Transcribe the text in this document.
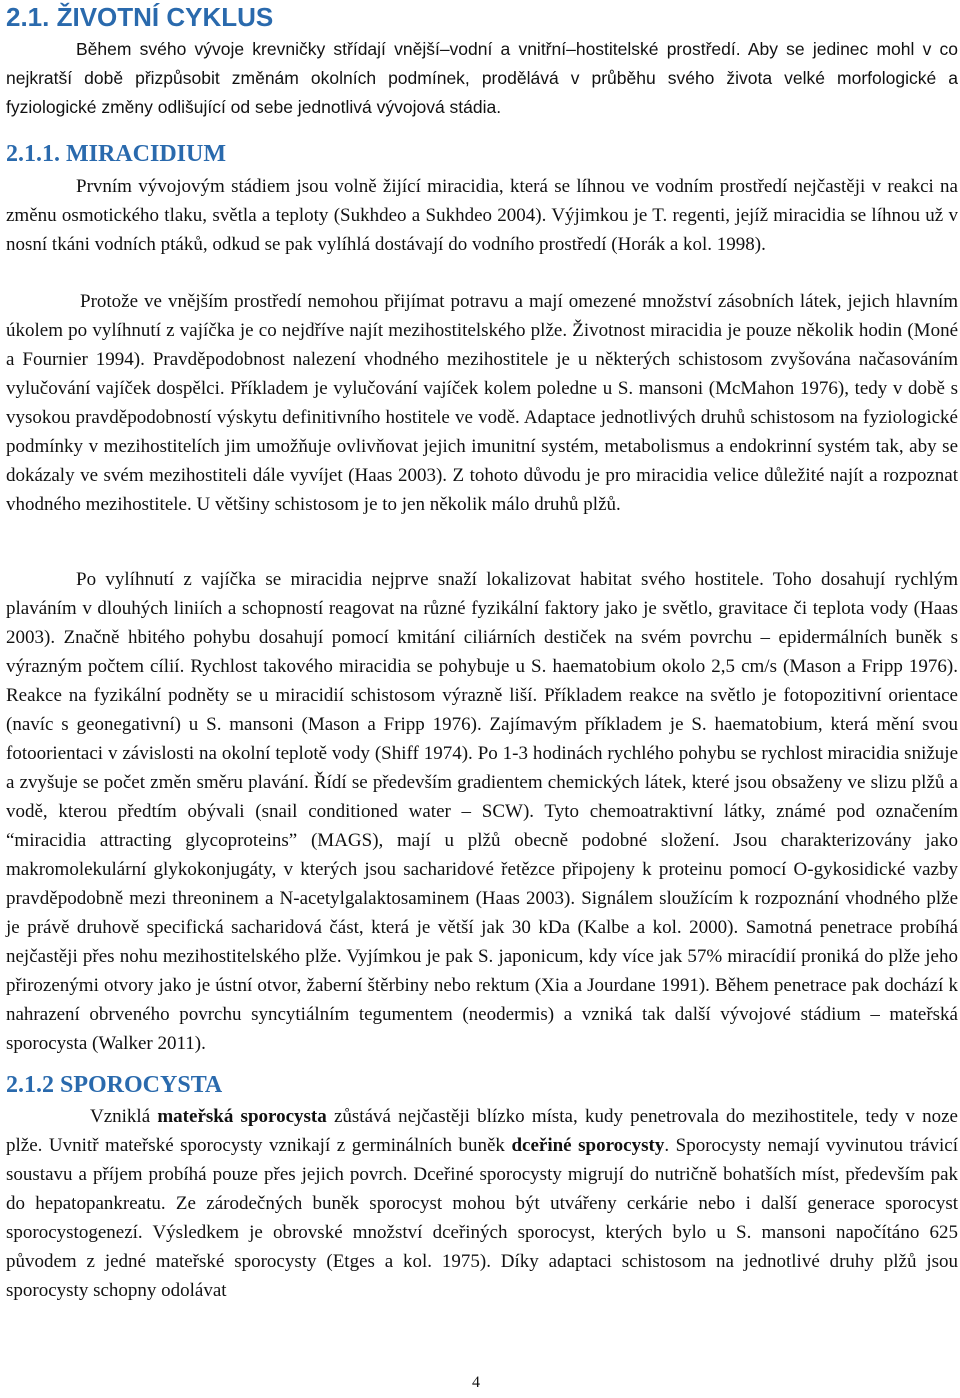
2.1. ŽIVOTNÍ CYKLUS

Během svého vývoje krevničky střídají vnější–vodní a vnitřní–hostitelské prostředí. Aby se jedinec mohl v co nejkratší době přizpůsobit změnám okolních podmínek, prodělává v průběhu svého života velké morfologické a fyziologické změny odlišující od sebe jednotlivá vývojová stádia.

2.1.1. MIRACIDIUM

Prvním vývojovým stádiem jsou volně žijící miracidia, která se líhnou ve vodním prostředí nejčastěji v reakci na změnu osmotického tlaku, světla a teploty (Sukhdeo a Sukhdeo 2004). Výjimkou je T. regenti, jejíž miracidia se líhnou už v nosní tkáni vodních ptáků, odkud se pak vylíhlá dostávají do vodního prostředí (Horák a kol. 1998).

Protože ve vnějším prostředí nemohou přijímat potravu a mají omezené množství zásobních látek, jejich hlavním úkolem po vylíhnutí z vajíčka je co nejdříve najít mezihostitelského plže. Životnost miracidia je pouze několik hodin (Moné a Fournier 1994). Pravděpodobnost nalezení vhodného mezihostitele je u některých schistosom zvyšována načasováním vylučování vajíček dospělci. Příkladem je vylučování vajíček kolem poledne u S. mansoni (McMahon 1976), tedy v době s vysokou pravděpodobností výskytu definitivního hostitele ve vodě. Adaptace jednotlivých druhů schistosom na fyziologické podmínky v mezihostitelích jim umožňuje ovlivňovat jejich imunitní systém, metabolismus a endokrinní systém tak, aby se dokázaly ve svém mezihostiteli dále vyvíjet (Haas 2003). Z tohoto důvodu je pro miracidia velice důležité najít a rozpoznat vhodného mezihostitele. U většiny schistosom je to jen několik málo druhů plžů.

Po vylíhnutí z vajíčka se miracidia nejprve snaží lokalizovat habitat svého hostitele. Toho dosahují rychlým plaváním v dlouhých liniích a schopností reagovat na různé fyzikální faktory jako je světlo, gravitace či teplota vody (Haas 2003). Značně hbitého pohybu dosahují pomocí kmitání ciliárních destiček na svém povrchu – epidermálních buněk s výrazným počtem cílií. Rychlost takového miracidia se pohybuje u S. haematobium okolo 2,5 cm/s (Mason a Fripp 1976). Reakce na fyzikální podněty se u miracidií schistosom výrazně liší. Příkladem reakce na světlo je fotopozitivní orientace (navíc s geonegativní) u S. mansoni (Mason a Fripp 1976). Zajímavým příkladem je S. haematobium, která mění svou fotoorientaci v závislosti na okolní teplotě vody (Shiff 1974). Po 1-3 hodinách rychlého pohybu se rychlost miracidia snižuje a zvyšuje se počet změn směru plavání. Řídí se především gradientem chemických látek, které jsou obsaženy ve slizu plžů a vodě, kterou předtím obývali (snail conditioned water – SCW). Tyto chemoatraktivní látky, známé pod označením “miracidia attracting glycoproteins” (MAGS), mají u plžů obecně podobné složení. Jsou charakterizovány jako makromolekulární glykokonjugáty, v kterých jsou sacharidové řetězce připojeny k proteinu pomocí O-gykosidické vazby pravděpodobně mezi threoninem a N-acetylgalaktosaminem (Haas 2003). Signálem sloužícím k rozpoznání vhodného plže je právě druhově specifická sacharidová část, která je větší jak 30 kDa (Kalbe a kol. 2000). Samotná penetrace probíhá nejčastěji přes nohu mezihostitelského plže. Vyjímkou je pak S. japonicum, kdy více jak 57% miracídií proniká do plže jeho přirozenými otvory jako je ústní otvor, žaberní štěrbiny nebo rektum (Xia a Jourdane 1991). Během penetrace pak dochází k nahrazení obrveného povrchu syncytiálním tegumentem (neodermis) a vzniká tak další vývojové stádium – mateřská sporocysta (Walker 2011).

2.1.2 SPOROCYSTA

Vzniklá mateřská sporocysta zůstává nejčastěji blízko místa, kudy penetrovala do mezihostitele, tedy v noze plže. Uvnitř mateřské sporocysty vznikají z germinálních buněk dceřiné sporocysty. Sporocysty nemají vyvinutou trávicí soustavu a příjem probíhá pouze přes jejich povrch. Dceřiné sporocysty migrují do nutričně bohatších míst, především pak do hepatopankreatu. Ze zárodečných buněk sporocyst mohou být utvářeny cerkárie nebo i další generace sporocyst sporocystogenezí. Výsledkem je obrovské množství dceřiných sporocyst, kterých bylo u S. mansoni napočítáno 625 původem z jedné mateřské sporocysty (Etges a kol. 1975). Díky adaptaci schistosom na jednotlivé druhy plžů jsou sporocysty schopny odolávat

4
